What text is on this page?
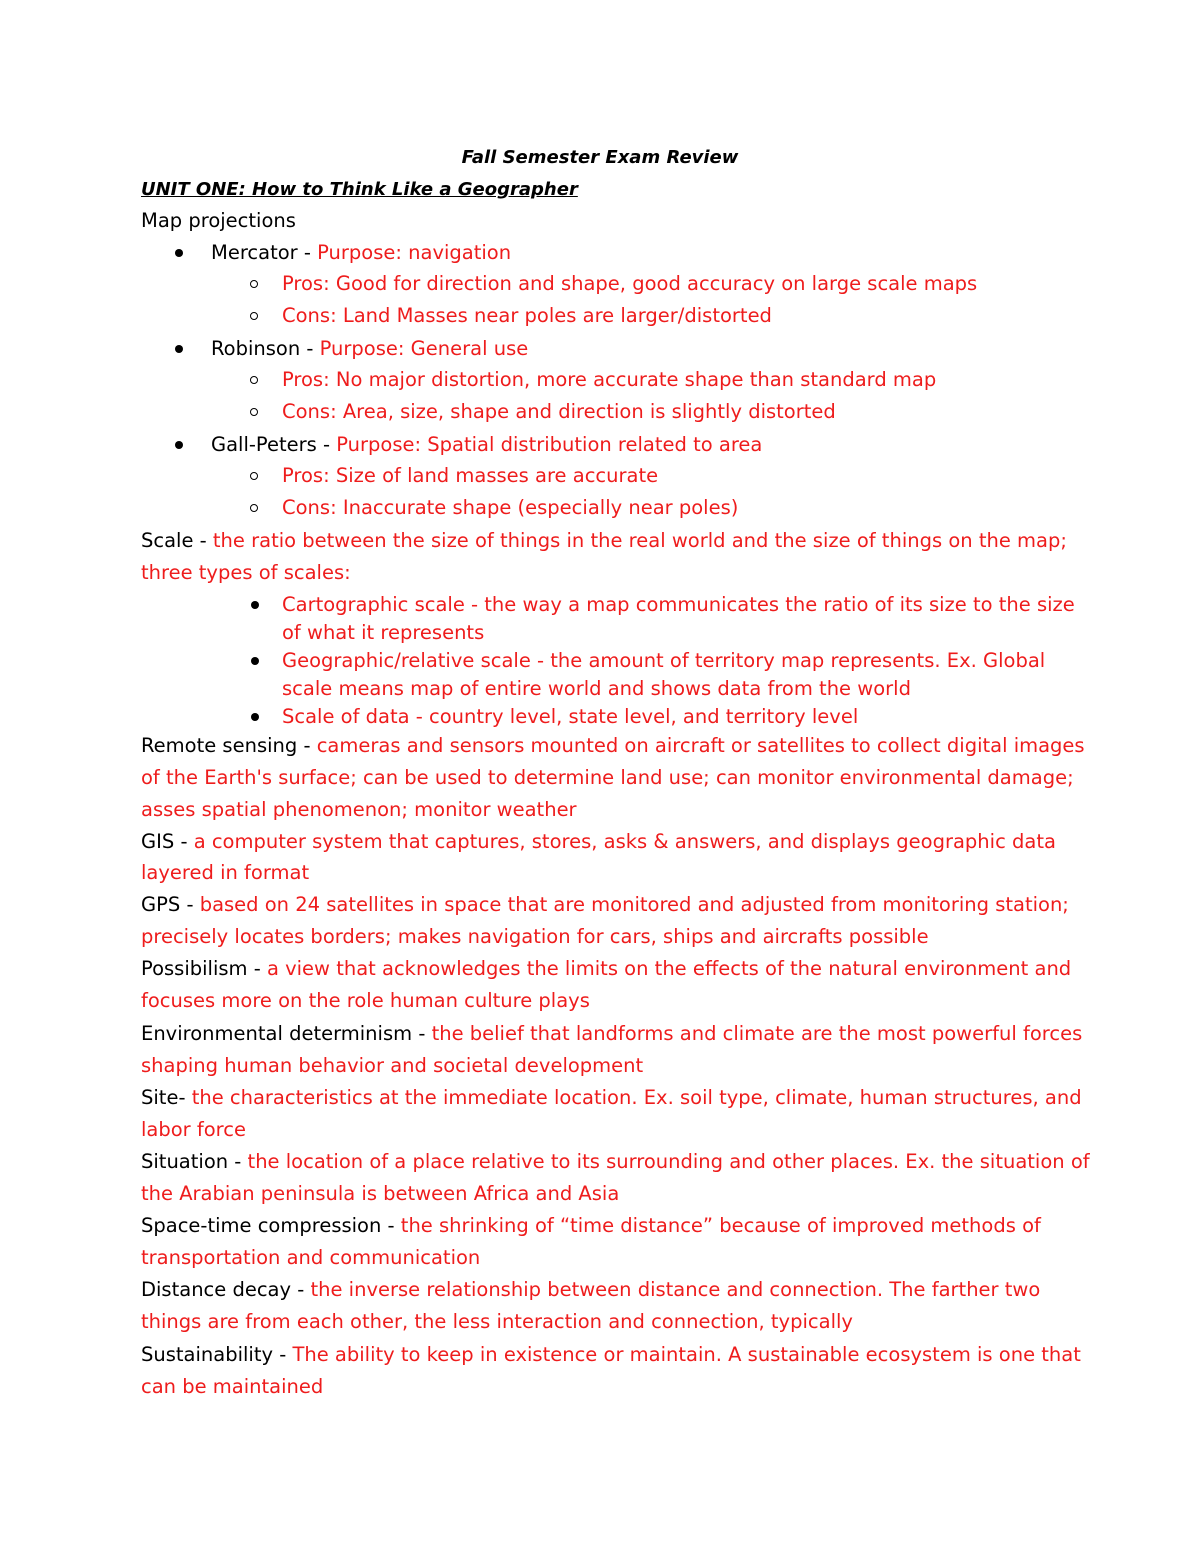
Fall Semester Exam Review
UNIT ONE: How to Think Like a Geographer
Map projections
Mercator - Purpose: navigation
Pros: Good for direction and shape, good accuracy on large scale maps
Cons: Land Masses near poles are larger/distorted
Robinson - Purpose: General use
Pros: No major distortion, more accurate shape than standard map
Cons: Area, size, shape and direction is slightly distorted
Gall-Peters - Purpose: Spatial distribution related to area
Pros: Size of land masses are accurate
Cons: Inaccurate shape (especially near poles)
Scale - the ratio between the size of things in the real world and the size of things on the map;
three types of scales:
Cartographic scale - the way a map communicates the ratio of its size to the size
of what it represents
Geographic/relative scale - the amount of territory map represents. Ex. Global
scale means map of entire world and shows data from the world
Scale of data - country level, state level, and territory level
Remote sensing - cameras and sensors mounted on aircraft or satellites to collect digital images
of the Earth's surface; can be used to determine land use; can monitor environmental damage;
asses spatial phenomenon; monitor weather
GIS - a computer system that captures, stores, asks & answers, and displays geographic data
layered in format
GPS - based on 24 satellites in space that are monitored and adjusted from monitoring station;
precisely locates borders; makes navigation for cars, ships and aircrafts possible
Possibilism - a view that acknowledges the limits on the effects of the natural environment and
focuses more on the role human culture plays
Environmental determinism - the belief that landforms and climate are the most powerful forces
shaping human behavior and societal development
Site- the characteristics at the immediate location. Ex. soil type, climate, human structures, and
labor force
Situation - the location of a place relative to its surrounding and other places. Ex. the situation of
the Arabian peninsula is between Africa and Asia
Space-time compression - the shrinking of “time distance” because of improved methods of
transportation and communication
Distance decay - the inverse relationship between distance and connection. The farther two
things are from each other, the less interaction and connection, typically
Sustainability - The ability to keep in existence or maintain. A sustainable ecosystem is one that
can be maintained
